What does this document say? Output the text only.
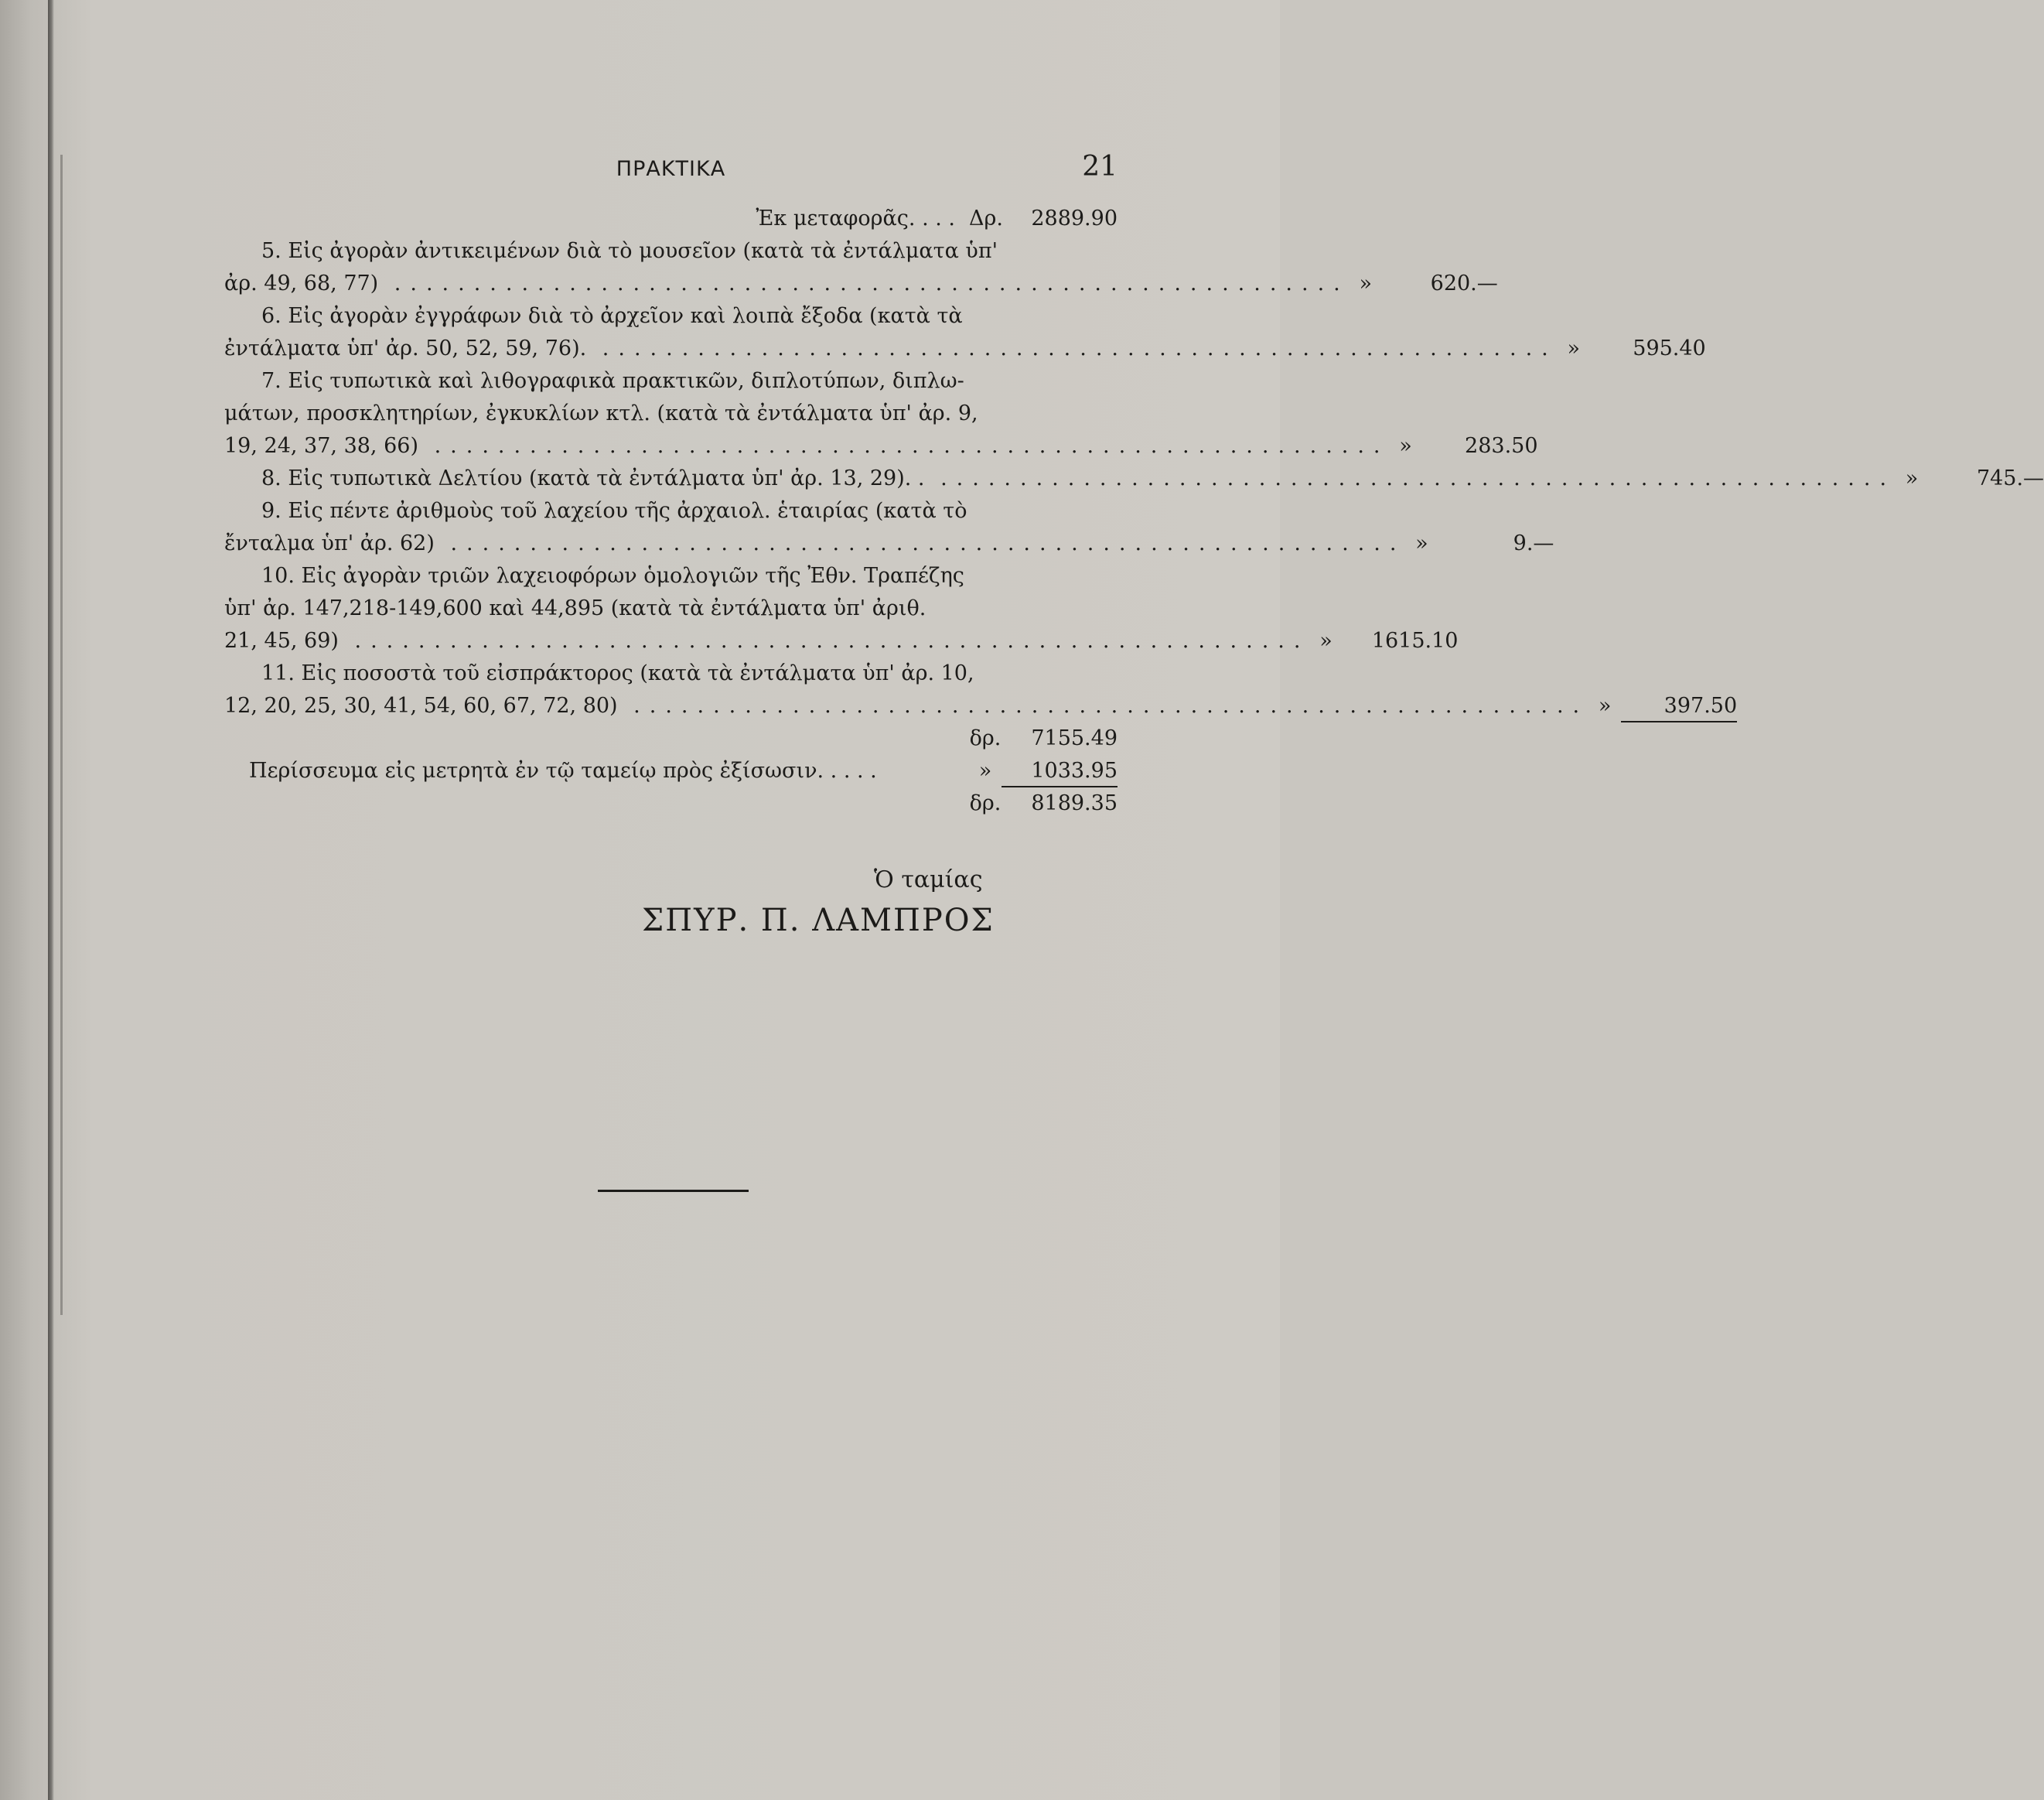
ΠΡΑΚΤΙΚΑ	21
Ἐκ μεταφορᾶς. . . . Δρ.	2889.90
5. Εἰς ἀγορὰν ἀντικειμένων διὰ τὸ μουσεῖον (κατὰ τὰ ἐντάλματα ὑπ'
ἀρ. 49, 68, 77) ............................................................ »	620.—
6. Εἰς ἀγορὰν ἐγγράφων διὰ τὸ ἀρχεῖον καὶ λοιπὰ ἔξοδα (κατὰ τὰ
ἐντάλματα ὑπ' ἀρ. 50, 52, 59, 76). ............................................................ »	595.40
7. Εἰς τυπωτικὰ καὶ λιθογραφικὰ πρακτικῶν, διπλοτύπων, διπλω-
μάτων, προσκλητηρίων, ἐγκυκλίων κτλ. (κατὰ τὰ ἐντάλματα ὑπ' ἀρ. 9,
19, 24, 37, 38, 66) ............................................................ »	283.50
8. Εἰς τυπωτικὰ Δελτίου (κατὰ τὰ ἐντάλματα ὑπ' ἀρ. 13, 29). . ............................................................ »	745.—
9. Εἰς πέντε ἀριθμοὺς τοῦ λαχείου τῆς ἀρχαιολ. ἑταιρίας (κατὰ τὸ
ἔνταλμα ὑπ' ἀρ. 62) ............................................................ »	9.—
10. Εἰς ἀγορὰν τριῶν λαχειοφόρων ὁμολογιῶν τῆς Ἐθν. Τραπέζης
ὑπ' ἀρ. 147,218-149,600 καὶ 44,895 (κατὰ τὰ ἐντάλματα ὑπ' ἀριθ.
21, 45, 69) ............................................................ »	1615.10
11. Εἰς ποσοστὰ τοῦ εἰσπράκτορος (κατὰ τὰ ἐντάλματα ὑπ' ἀρ. 10,
12, 20, 25, 30, 41, 54, 60, 67, 72, 80) ............................................................ »	397.50
δρ.	7155.49
Περίσσευμα εἰς μετρητὰ ἐν τῷ ταμείῳ πρὸς ἐξίσωσιν. . . . .	»	1033.95
δρ.	8189.35
Ὁ ταμίας
ΣΠΥΡ. Π. ΛΑΜΠΡΟΣ
